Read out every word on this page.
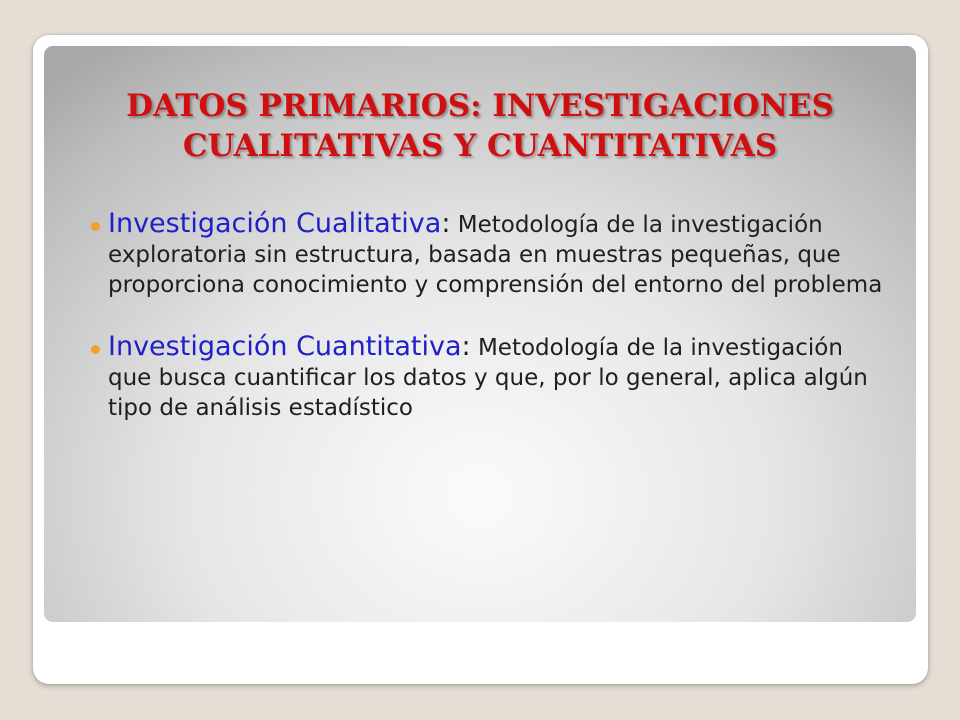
DATOS PRIMARIOS: INVESTIGACIONES
CUALITATIVAS Y CUANTITATIVAS

Investigación Cualitativa: Metodología de la investigación exploratoria sin estructura, basada en muestras pequeñas, que proporciona conocimiento y comprensión del entorno del problema

Investigación Cuantitativa: Metodología de la investigación que busca cuantificar los datos y que, por lo general, aplica algún tipo de análisis estadístico
